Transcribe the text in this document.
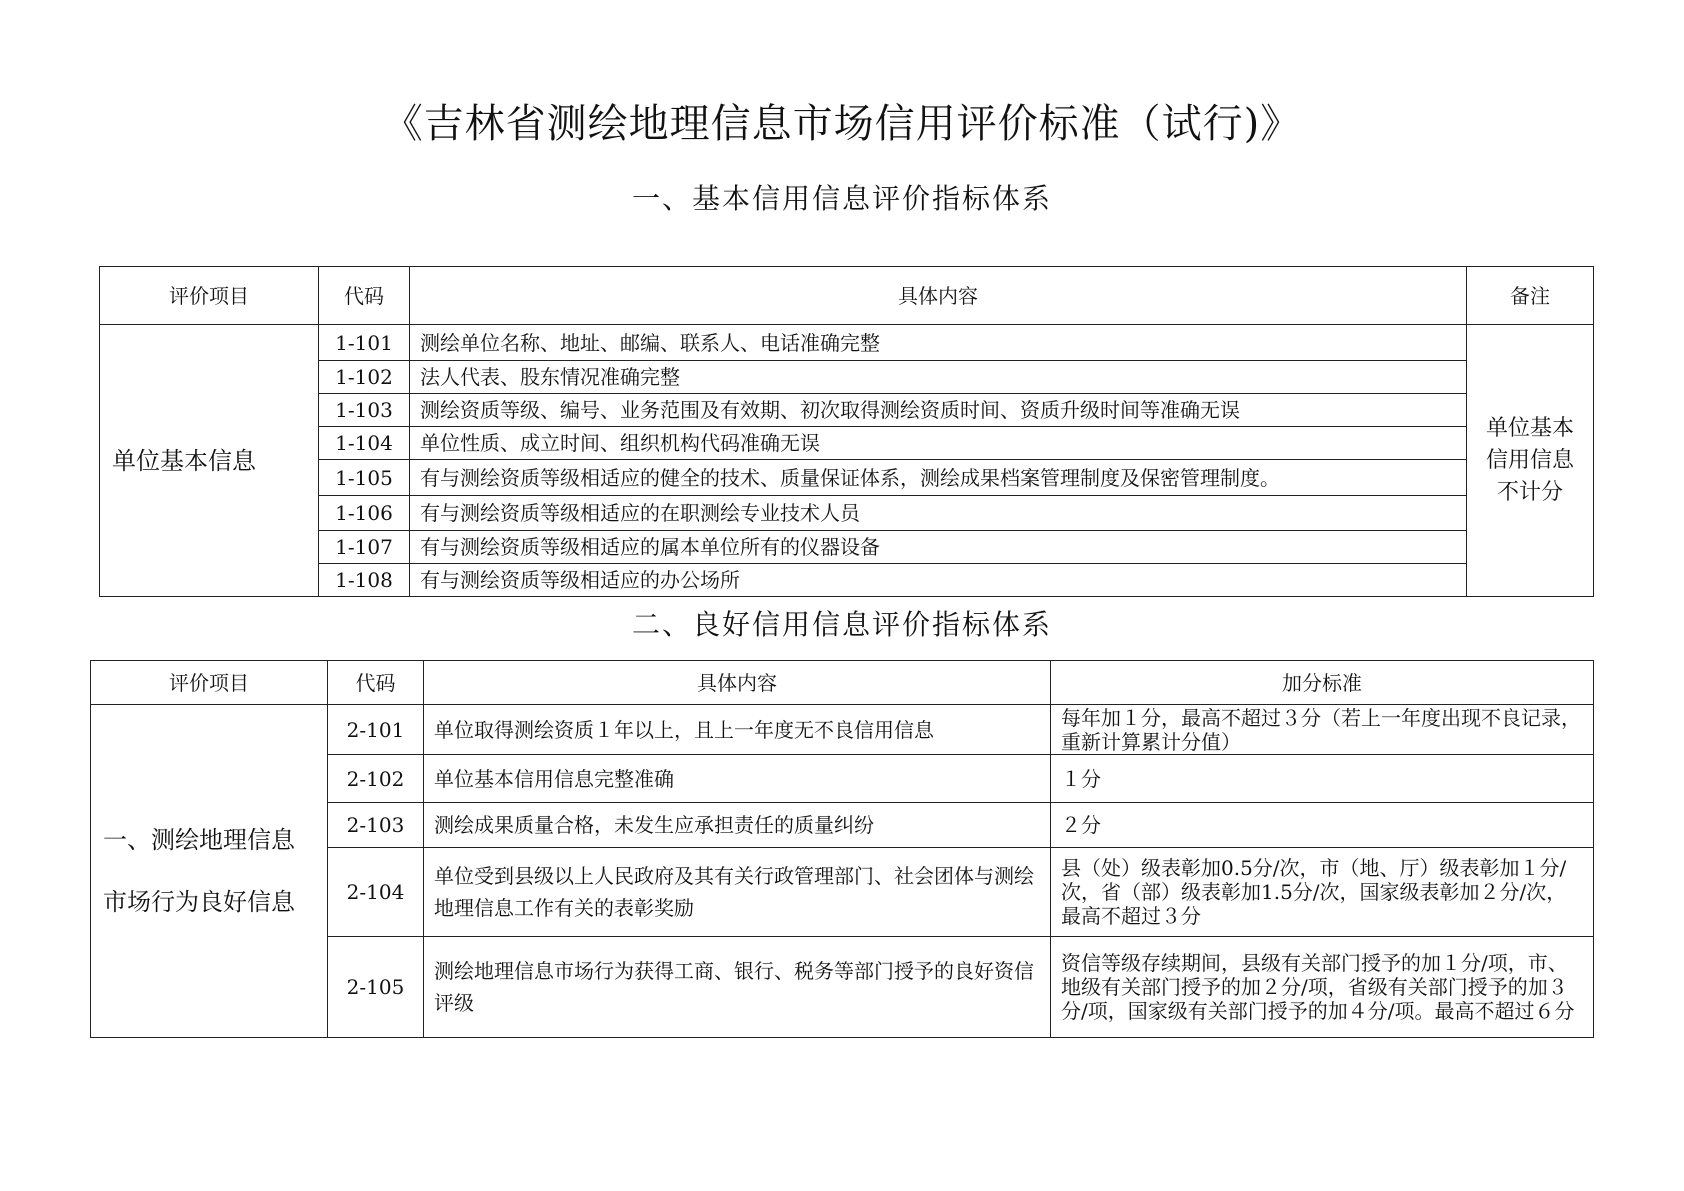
《吉林省测绘地理信息市场信用评价标准（试行)》
一、基本信用信息评价指标体系
评价项目	代码	具体内容	备注
单位基本信息	1-101	测绘单位名称、地址、邮编、联系人、电话准确完整	单位基本信用信息不计分
	1-102	法人代表、股东情况准确完整	
	1-103	测绘资质等级、编号、业务范围及有效期、初次取得测绘资质时间、资质升级时间等准确无误	
	1-104	单位性质、成立时间、组织机构代码准确无误	
	1-105	有与测绘资质等级相适应的健全的技术、质量保证体系，测绘成果档案管理制度及保密管理制度。	
	1-106	有与测绘资质等级相适应的在职测绘专业技术人员	
	1-107	有与测绘资质等级相适应的属本单位所有的仪器设备	
	1-108	有与测绘资质等级相适应的办公场所	
二、良好信用信息评价指标体系
评价项目	代码	具体内容	加分标准
一、测绘地理信息市场行为良好信息	2-101	单位取得测绘资质１年以上，且上一年度无不良信用信息	每年加１分，最高不超过３分（若上一年度出现不良记录，重新计算累计分值）
	2-102	单位基本信用信息完整准确	１分
	2-103	测绘成果质量合格，未发生应承担责任的质量纠纷	２分
	2-104	单位受到县级以上人民政府及其有关行政管理部门、社会团体与测绘地理信息工作有关的表彰奖励	县（处）级表彰加0.5分/次，市（地、厅）级表彰加１分/次，省（部）级表彰加1.5分/次，国家级表彰加２分/次，最高不超过３分
	2-105	测绘地理信息市场行为获得工商、银行、税务等部门授予的良好资信评级	资信等级存续期间，县级有关部门授予的加１分/项，市、地级有关部门授予的加２分/项，省级有关部门授予的加３分/项，国家级有关部门授予的加４分/项。最高不超过６分
